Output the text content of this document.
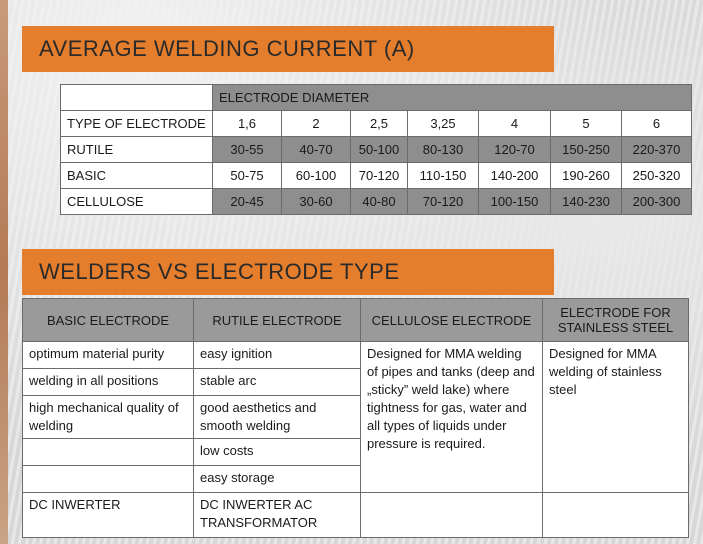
AVERAGE WELDING CURRENT (A)
	ELECTRODE DIAMETER						
TYPE OF ELECTRODE	1,6	2	2,5	3,25	4	5	6
RUTILE	30-55	40-70	50-100	80-130	120-70	150-250	220-370
BASIC	50-75	60-100	70-120	110-150	140-200	190-260	250-320
CELLULOSE	20-45	30-60	40-80	70-120	100-150	140-230	200-300
WELDERS VS ELECTRODE TYPE
BASIC ELECTRODE	RUTILE ELECTRODE	CELLULOSE ELECTRODE	ELECTRODE FOR STAINLESS STEEL
optimum material purity	easy ignition	Designed for MMA welding of pipes and tanks (deep and „sticky” weld lake) where tightness for gas, water and all types of liquids under pressure is required.	Designed for MMA welding of stainless steel
welding in all positions	stable arc		
high mechanical quality of welding	good aesthetics and smooth welding		
	low costs		
	easy storage		
DC INWERTER	DC INWERTER AC TRANSFORMATOR		
